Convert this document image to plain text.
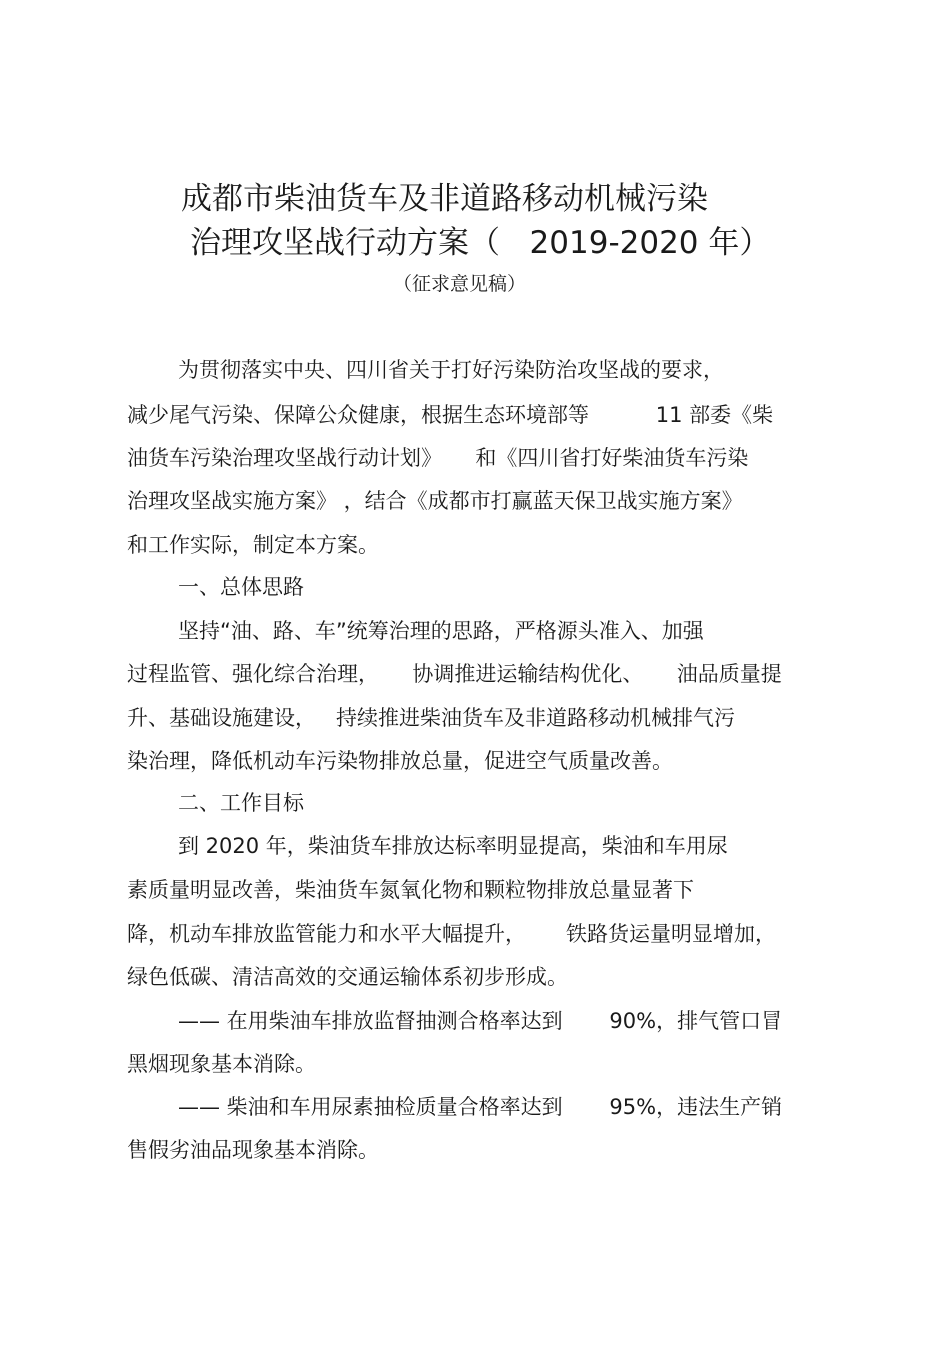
成都市柴油货车及非道路移动机械污染
治理攻坚战行动方案（   2019-2020 年）
（征求意见稿）
为贯彻落实中央、四川省关于打好污染防治攻坚战的要求，
减少尾气污染、保障公众健康，根据生态环境部等          11 部委《柴
油货车污染治理攻坚战行动计划》     和《四川省打好柴油货车污染
治理攻坚战实施方案》 ，结合《成都市打赢蓝天保卫战实施方案》
和工作实际，制定本方案。
一、总体思路
坚持“油、路、车”统筹治理的思路，严格源头准入、加强
过程监管、强化综合治理，     协调推进运输结构优化、     油品质量提
升、基础设施建设，   持续推进柴油货车及非道路移动机械排气污
染治理，降低机动车污染物排放总量，促进空气质量改善。
二、工作目标
到 2020 年，柴油货车排放达标率明显提高，柴油和车用尿
素质量明显改善，柴油货车氮氧化物和颗粒物排放总量显著下
降，机动车排放监管能力和水平大幅提升，      铁路货运量明显增加，
绿色低碳、清洁高效的交通运输体系初步形成。
—— 在用柴油车排放监督抽测合格率达到       90%，排气管口冒
黑烟现象基本消除。
—— 柴油和车用尿素抽检质量合格率达到       95%，违法生产销
售假劣油品现象基本消除。
